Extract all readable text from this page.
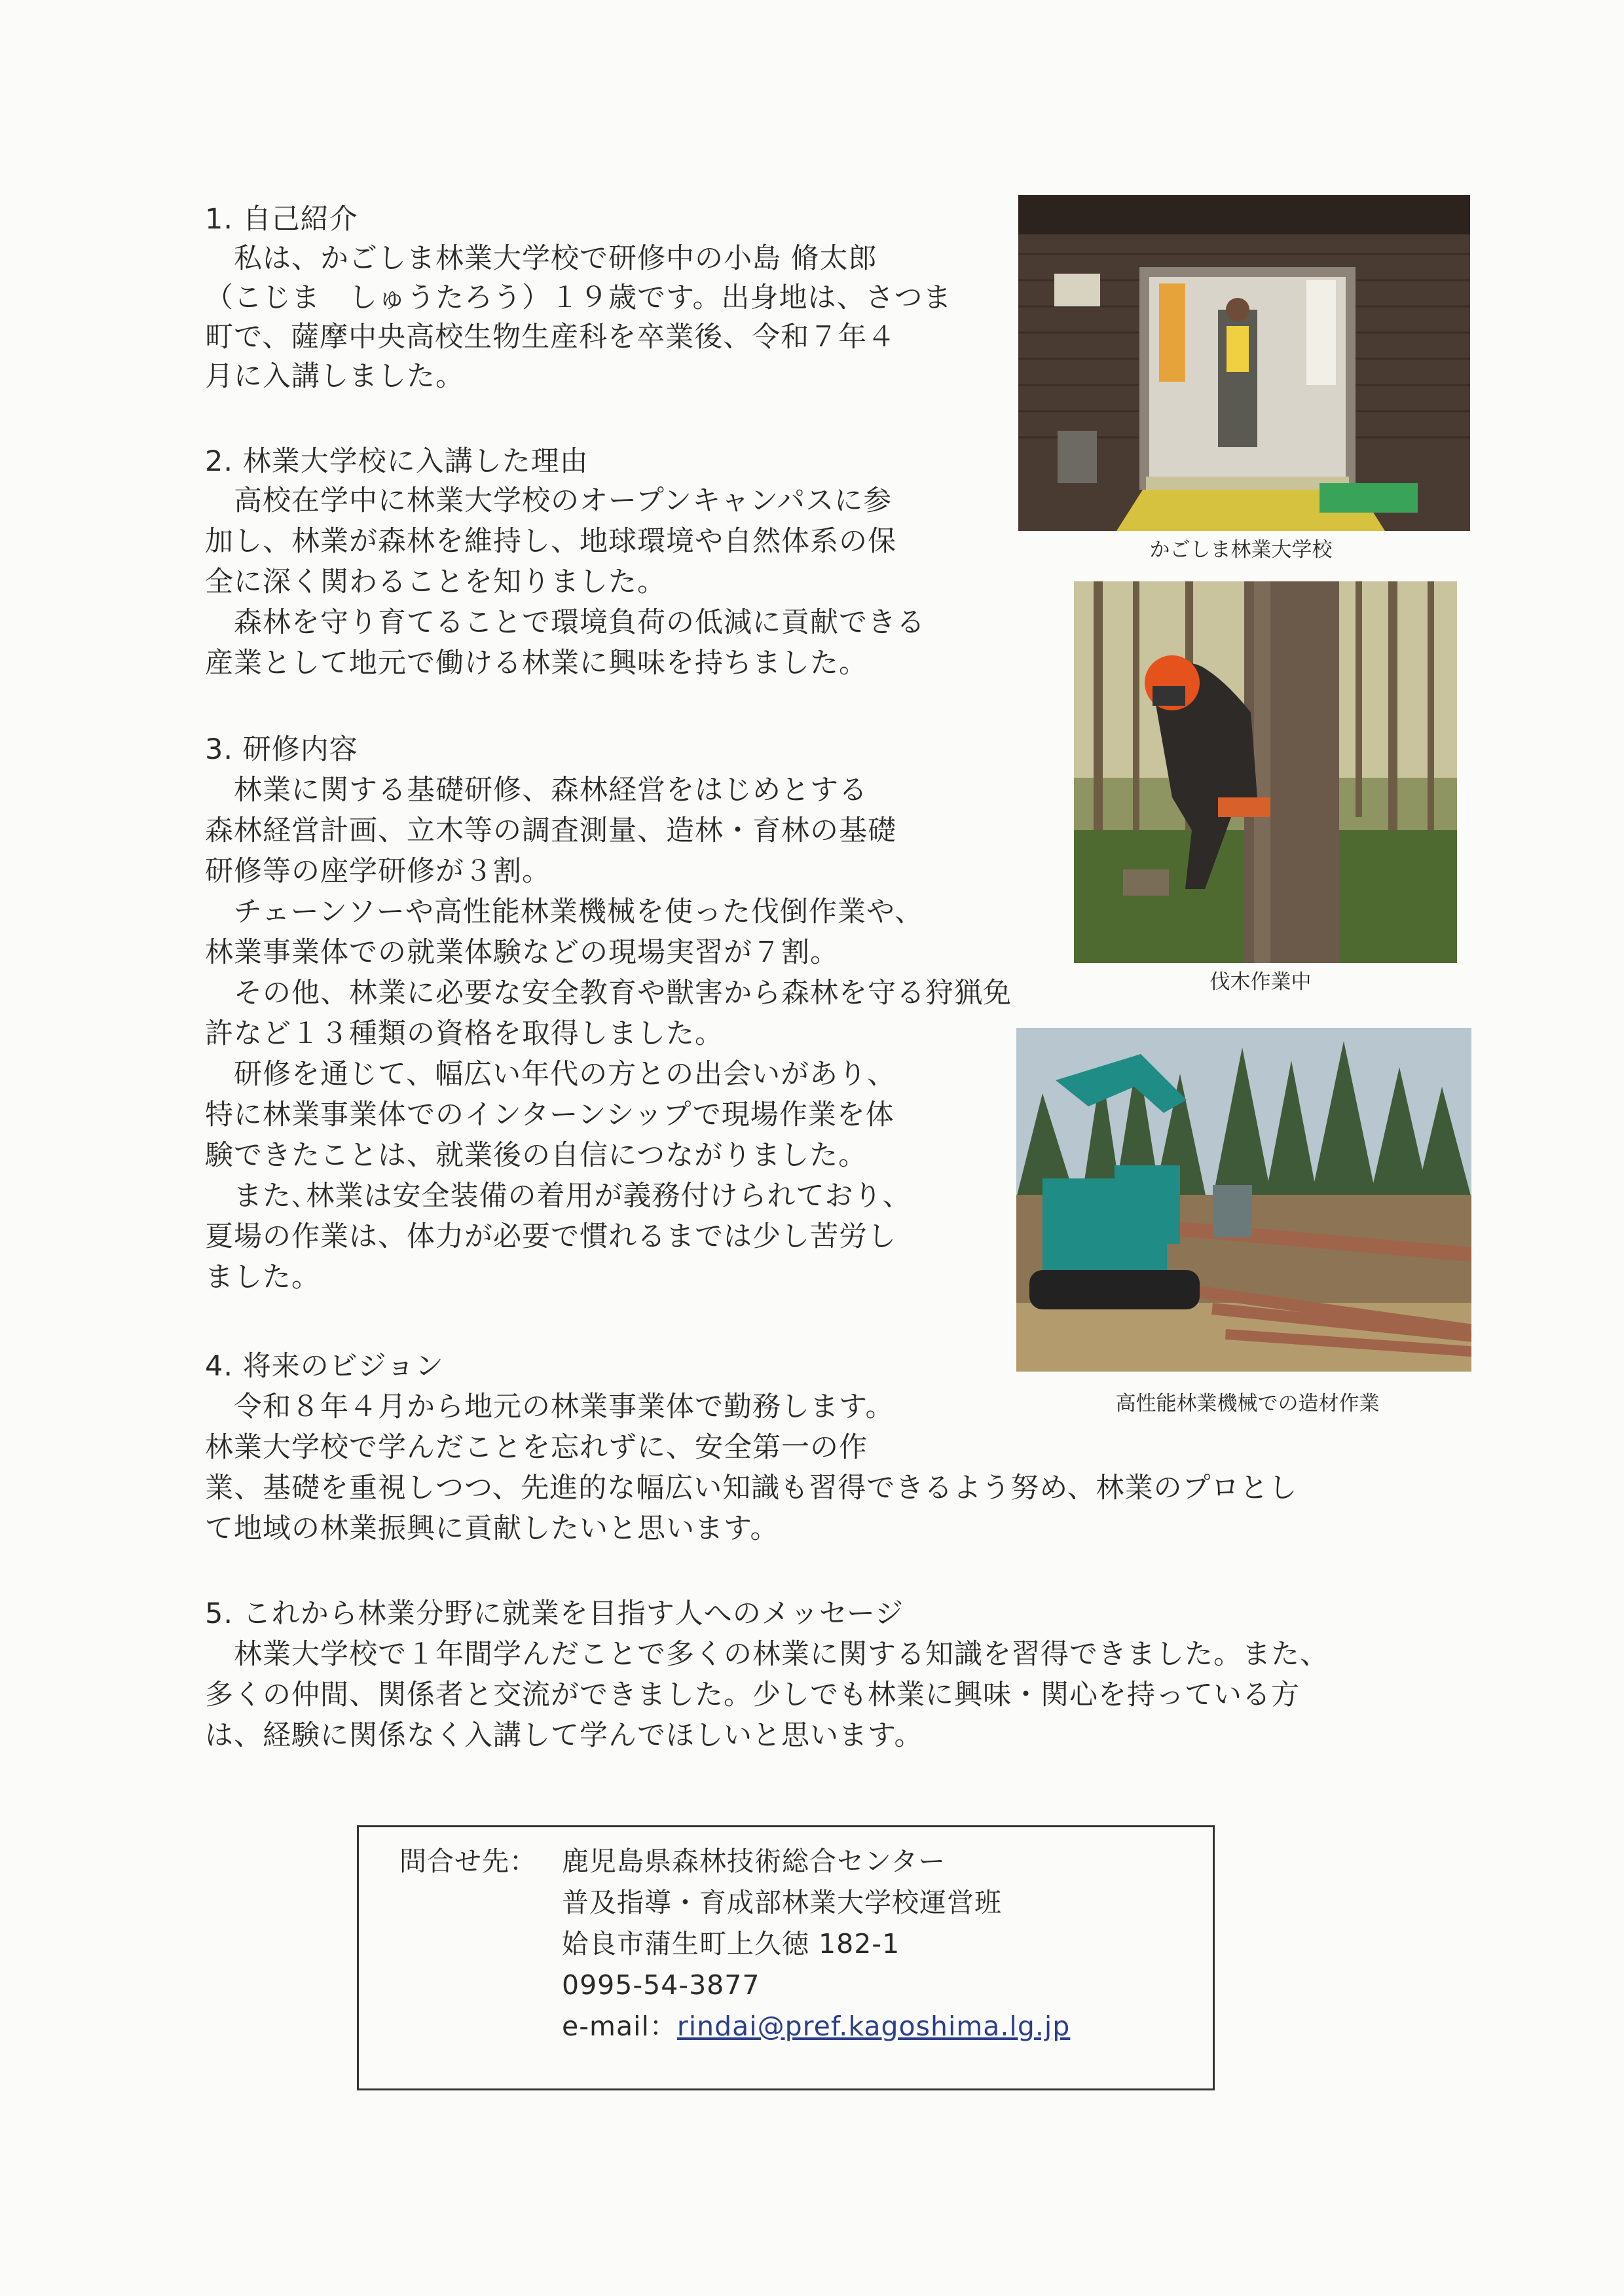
1. 自己紹介
　私は、かごしま林業大学校で研修中の小島 脩太郎
（こじま　しゅうたろう）１９歳です。出身地は、さつま
町で、薩摩中央高校生物生産科を卒業後、令和７年４
月に入講しました。
2. 林業大学校に入講した理由
　高校在学中に林業大学校のオープンキャンパスに参
加し、林業が森林を維持し、地球環境や自然体系の保
全に深く関わることを知りました。
　森林を守り育てることで環境負荷の低減に貢献できる
産業として地元で働ける林業に興味を持ちました。
3. 研修内容
　林業に関する基礎研修、森林経営をはじめとする
森林経営計画、立木等の調査測量、造林・育林の基礎
研修等の座学研修が３割。
　チェーンソーや高性能林業機械を使った伐倒作業や、
林業事業体での就業体験などの現場実習が７割。
　その他、林業に必要な安全教育や獣害から森林を守る狩猟免
許など１３種類の資格を取得しました。
　研修を通じて、幅広い年代の方との出会いがあり、
特に林業事業体でのインターンシップで現場作業を体
験できたことは、就業後の自信につながりました。
　また､林業は安全装備の着用が義務付けられており、
夏場の作業は、体力が必要で慣れるまでは少し苦労し
ました。
4. 将来のビジョン
　令和８年４月から地元の林業事業体で勤務します。
林業大学校で学んだことを忘れずに、安全第一の作
業、基礎を重視しつつ、先進的な幅広い知識も習得できるよう努め、林業のプロとし
て地域の林業振興に貢献したいと思います。
5. これから林業分野に就業を目指す人へのメッセージ
　林業大学校で１年間学んだことで多くの林業に関する知識を習得できました。また、
多くの仲間、関係者と交流ができました。少しでも林業に興味・関心を持っている方
は、経験に関係なく入講して学んでほしいと思います。
かごしま林業大学校
伐木作業中
高性能林業機械での造材作業
問合せ先： 鹿児島県森林技術総合センター
普及指導・育成部林業大学校運営班
姶良市蒲生町上久徳 182-1
0995-54-3877
e-mail：rindai@pref.kagoshima.lg.jp
